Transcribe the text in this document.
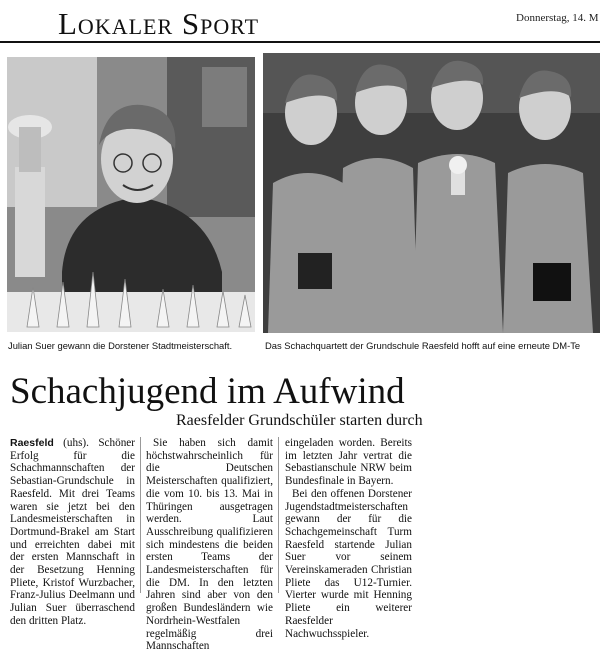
Lokaler Sport	Donnerstag, 14. M
Julian Suer gewann die Dorstener Stadtmeisterschaft.	Das Schachquartett der Grundschule Raesfeld hofft auf eine erneute DM-Te
Schachjugend im Aufwind
Raesfelder Grundschüler starten durch

Raesfeld (uhs). Schöner Erfolg für die Schachmannschaften der Sebastian-Grundschule in Raesfeld. Mit drei Teams waren sie jetzt bei den Landesmeisterschaften in Dortmund-Brakel am Start und erreichten dabei mit der ersten Mannschaft in der Besetzung Henning Pliete, Kristof Wurzbacher, Franz-Julius Deelmann und Julian Suer überraschend den dritten Platz.

Sie haben sich damit höchstwahrscheinlich für die Deutschen Meisterschaften qualifiziert, die vom 10. bis 13. Mai in Thüringen ausgetragen werden. Laut Ausschreibung qualifizieren sich mindestens die beiden ersten Teams der Landesmeisterschaften für die DM. In den letzten Jahren sind aber von den großen Bundesländern wie Nordrhein-Westfalen regelmäßig drei Mannschaften

eingeladen worden. Bereits im letzten Jahr vertrat die Sebastianschule NRW beim Bundesfinale in Bayern.

Bei den offenen Dorstener Jugendstadtmeisterschaften gewann der für die Schachgemeinschaft Turm Raesfeld startende Julian Suer vor seinem Vereinskameraden Christian Pliete das U12-Turnier. Vierter wurde mit Henning Pliete ein weiterer Raesfelder Nachwuchsspieler.
